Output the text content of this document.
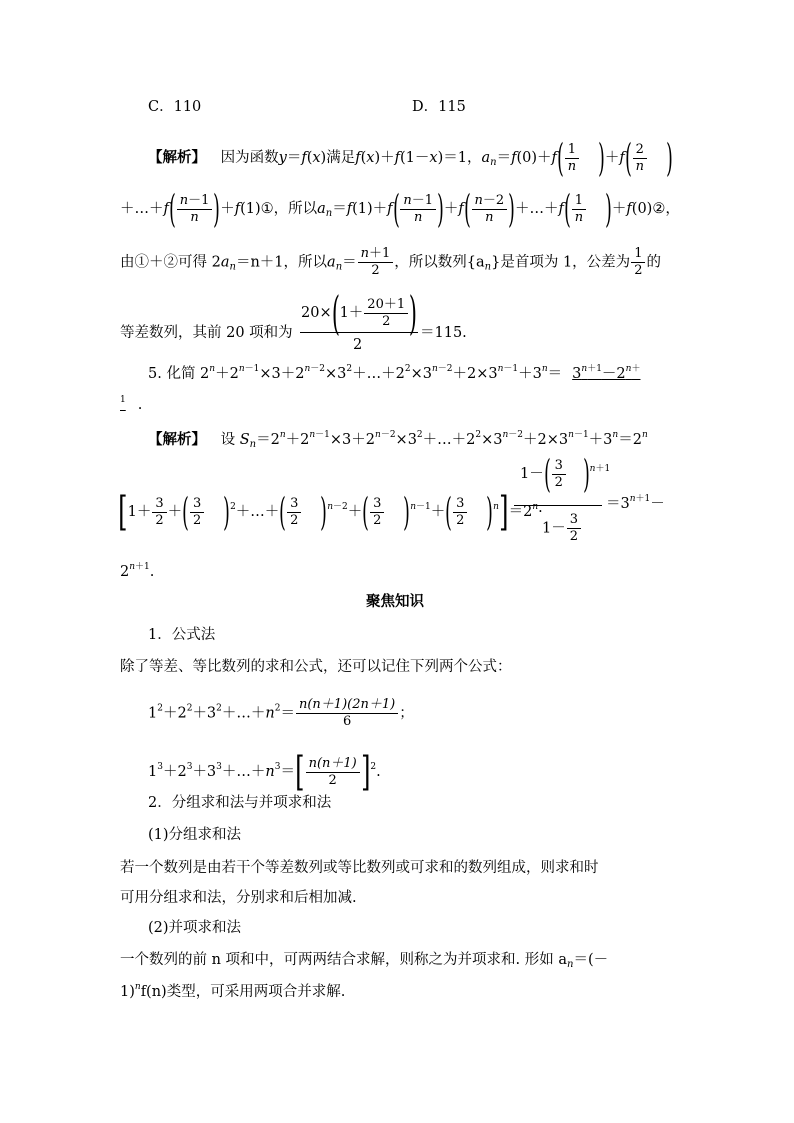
C．110	D．115
【解析】 因为函数y＝f(x)满足f(x)＋f(1－x)＝1，$a_n=f(0)+f( \frac{1}{n} )+f( \frac{2}{n}$ )
＋…＋f( $\frac{n-1}{n}$ )＋f(1)①，所以$a_n=f(1)+f( \frac{n-1}{n} )+f( \frac{n-2}{n}$ )＋…＋f( $\frac{1}{n}$ )＋f(0)②，
由①＋②可得 $2a_n=n+1$，所以$a_n= \frac{n+1}{2}$ ，所以数列$\{a_n\}$是首项为 1，公差为 $\frac{1}{2}$ 的
$20\times(1+ \frac{20+1}{2}$ )
等差数列，其前 20 项和为
2
＝115.
5. 化简 $2^n+2^{n-1}\times 3+2^{n-2}\times 3^2+\dots+2^2\times 3^{n-2}+2\times 3^{n-1}+3^n= 3^{n+1}-2^{n+}$
$^1$ .
【解析】 设 $S_n=2^n+2^{n-1}\times 3+2^{n-2}\times 3^2+\dots+2^2\times 3^{n-2}+2\times 3^{n-1}+3^n=2^n$
[$1+ \frac{3}{2}$ ＋( $\frac{3}{2}$ )$^2$＋…＋( $\frac{3}{2} )^{n-2}+( \frac{3}{2} )^{n-1}+( \frac{3}{2} )^n]=2^n\cdot$
$1-( \frac{3}{2} )^{n+1}$
$1- \frac{3}{2}$
$=3^{n+1}-$
$2^{n+1}$.
聚焦知识
1．公式法
除了等差、等比数列的求和公式，还可以记住下列两个公式：
$1^2+2^2+3^2+\dots+n^2= \frac{n(n+1)(2n+1)}{6}$ ；
$1^3+2^3+3^3+\dots+n^3=[ \frac{n(n+1)}{2} ]^2$.
2．分组求和法与并项求和法
(1)分组求和法
若一个数列是由若干个等差数列或等比数列或可求和的数列组成，则求和时
可用分组求和法，分别求和后相加减.
(2)并项求和法
一个数列的前 n 项和中，可两两结合求解，则称之为并项求和. 形如 $a_n=(-$
1)$^n$f(n)类型，可采用两项合并求解.
